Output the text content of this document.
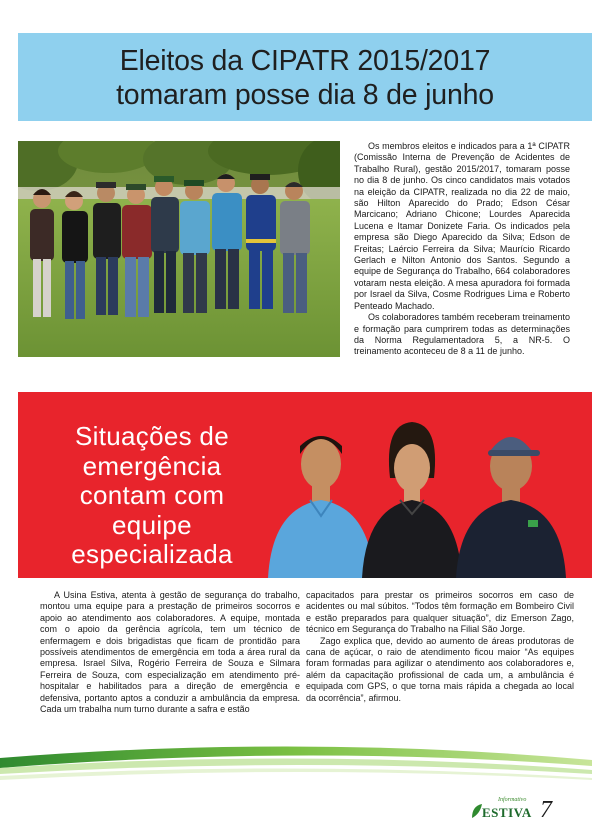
Eleitos da CIPATR 2015/2017
tomaram posse dia 8 de junho

Os membros eleitos e indicados para a 1ª CIPATR (Comissão Interna de Prevenção de Acidentes de Trabalho Rural), gestão 2015/2017, tomaram posse no dia 8 de junho. Os cinco candidatos mais votados na eleição da CIPATR, realizada no dia 22 de maio, são Hilton Aparecido do Prado; Edson César Marcicano; Adriano Chicone; Lourdes Aparecida Lucena e Itamar Donizete Faria. Os indicados pela empresa são Diego Aparecido da Silva; Edson de Freitas; Laércio Ferreira da Silva; Maurício Ricardo Gerlach e Nilton Antonio dos Santos. Segundo a equipe de Segurança do Trabalho, 664 colaboradores votaram nesta eleição. A mesa apuradora foi formada por Israel da Silva, Cosme Rodrigues Lima e Roberto Penteado Machado.

Os colaboradores também receberam treinamento e formação para cumprirem todas as determinações da Norma Regulamentadora 5, a NR-5. O treinamento aconteceu de 8 a 11 de junho.

Situações de
emergência
contam com
equipe
especializada

A Usina Estiva, atenta à gestão de segurança do trabalho, montou uma equipe para a prestação de primeiros socorros e apoio ao atendimento aos colaboradores. A equipe, montada com o apoio da gerência agrícola, tem um técnico de enfermagem e dois brigadistas que ficam de prontidão para possíveis atendimentos de emergência em toda a área rural da empresa. Israel Silva, Rogério Ferreira de Souza e Silmara Ferreira de Souza, com especialização em atendimento pré-hospitalar e habilitados para a direção de emergência e defensiva, portanto aptos a conduzir a ambulância da empresa. Cada um trabalha num turno durante a safra e estão

capacitados para prestar os primeiros socorros em caso de acidentes ou mal súbitos. “Todos têm formação em Bombeiro Civil e estão preparados para qualquer situação”, diz Emerson Zago, técnico em Segurança do Trabalho na Filial São Jorge.

Zago explica que, devido ao aumento de áreas produtoras de cana de açúcar, o raio de atendimento ficou maior “As equipes foram formadas para agilizar o atendimento aos colaboradores e, além da capacitação profissional de cada um, a ambulância é equipada com GPS, o que torna mais rápida a chegada ao local da ocorrência”, afirmou.

Informativo
ESTIVA 7
